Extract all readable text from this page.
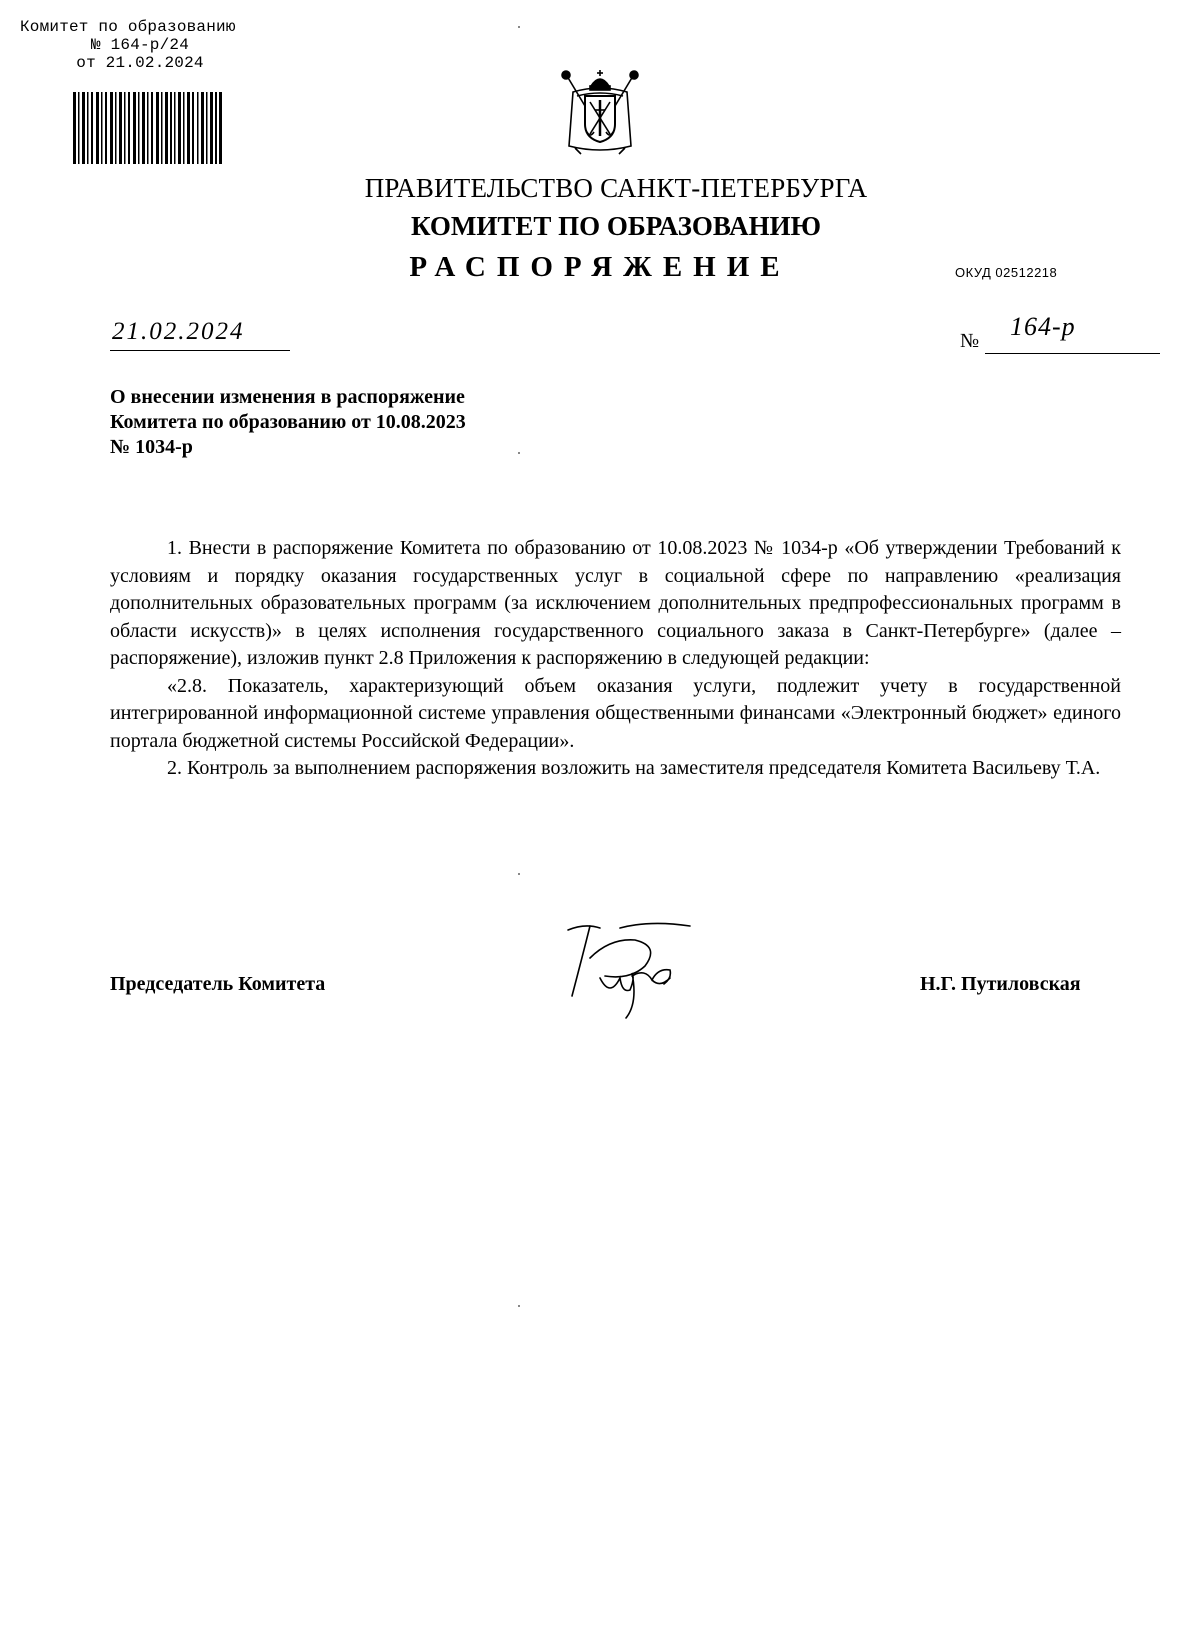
Комитет по образованию
№ 164-р/24
от 21.02.2024
ПРАВИТЕЛЬСТВО САНКТ-ПЕТЕРБУРГА
КОМИТЕТ ПО ОБРАЗОВАНИЮ
РАСПОРЯЖЕНИЕ	ОКУД 02512218
21.02.2024	№ 164-р
О внесении изменения в распоряжение
Комитета по образованию от 10.08.2023
№ 1034-р

1. Внести в распоряжение Комитета по образованию от 10.08.2023 № 1034-р «Об утверждении Требований к условиям и порядку оказания государственных услуг в социальной сфере по направлению «реализация дополнительных образовательных программ (за исключением дополнительных предпрофессиональных программ в области искусств)» в целях исполнения государственного социального заказа в Санкт-Петербурге» (далее – распоряжение), изложив пункт 2.8 Приложения к распоряжению в следующей редакции:

«2.8. Показатель, характеризующий объем оказания услуги, подлежит учету в государственной интегрированной информационной системе управления общественными финансами «Электронный бюджет» единого портала бюджетной системы Российской Федерации».

2. Контроль за выполнением распоряжения возложить на заместителя председателя Комитета Васильеву Т.А.

Председатель Комитета	Н.Г. Путиловская
